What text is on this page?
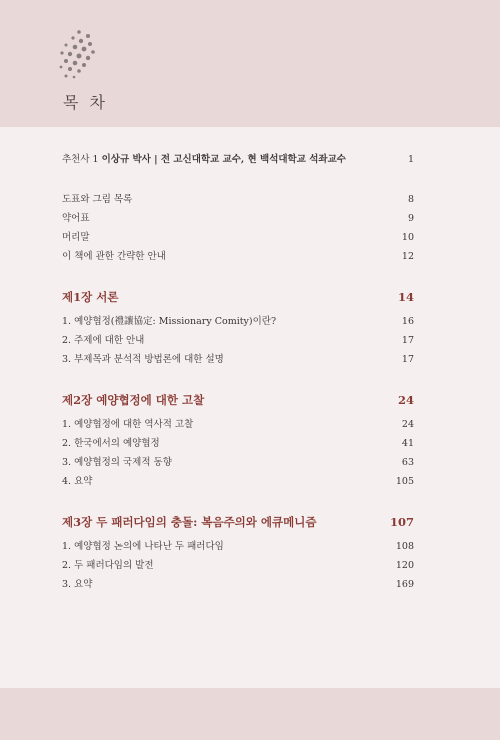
목 차
추천사 1 이상규 박사 | 전 고신대학교 교수, 현 백석대학교 석좌교수	1
도표와 그림 목록	8
약어표	9
머리말	10
이 책에 관한 간략한 안내	12
제1장 서론	14
1. 예양협정(禮讓協定: Missionary Comity)이란?	16
2. 주제에 대한 안내	17
3. 부제목과 분석적 방법론에 대한 설명	17
제2장 예양협정에 대한 고찰	24
1. 예양협정에 대한 역사적 고찰	24
2. 한국에서의 예양협정	41
3. 예양협정의 국제적 동향	63
4. 요약	105
제3장 두 패러다임의 충돌: 복음주의와 에큐메니즘	107
1. 예양협정 논의에 나타난 두 패러다임	108
2. 두 패러다임의 발전	120
3. 요약	169
